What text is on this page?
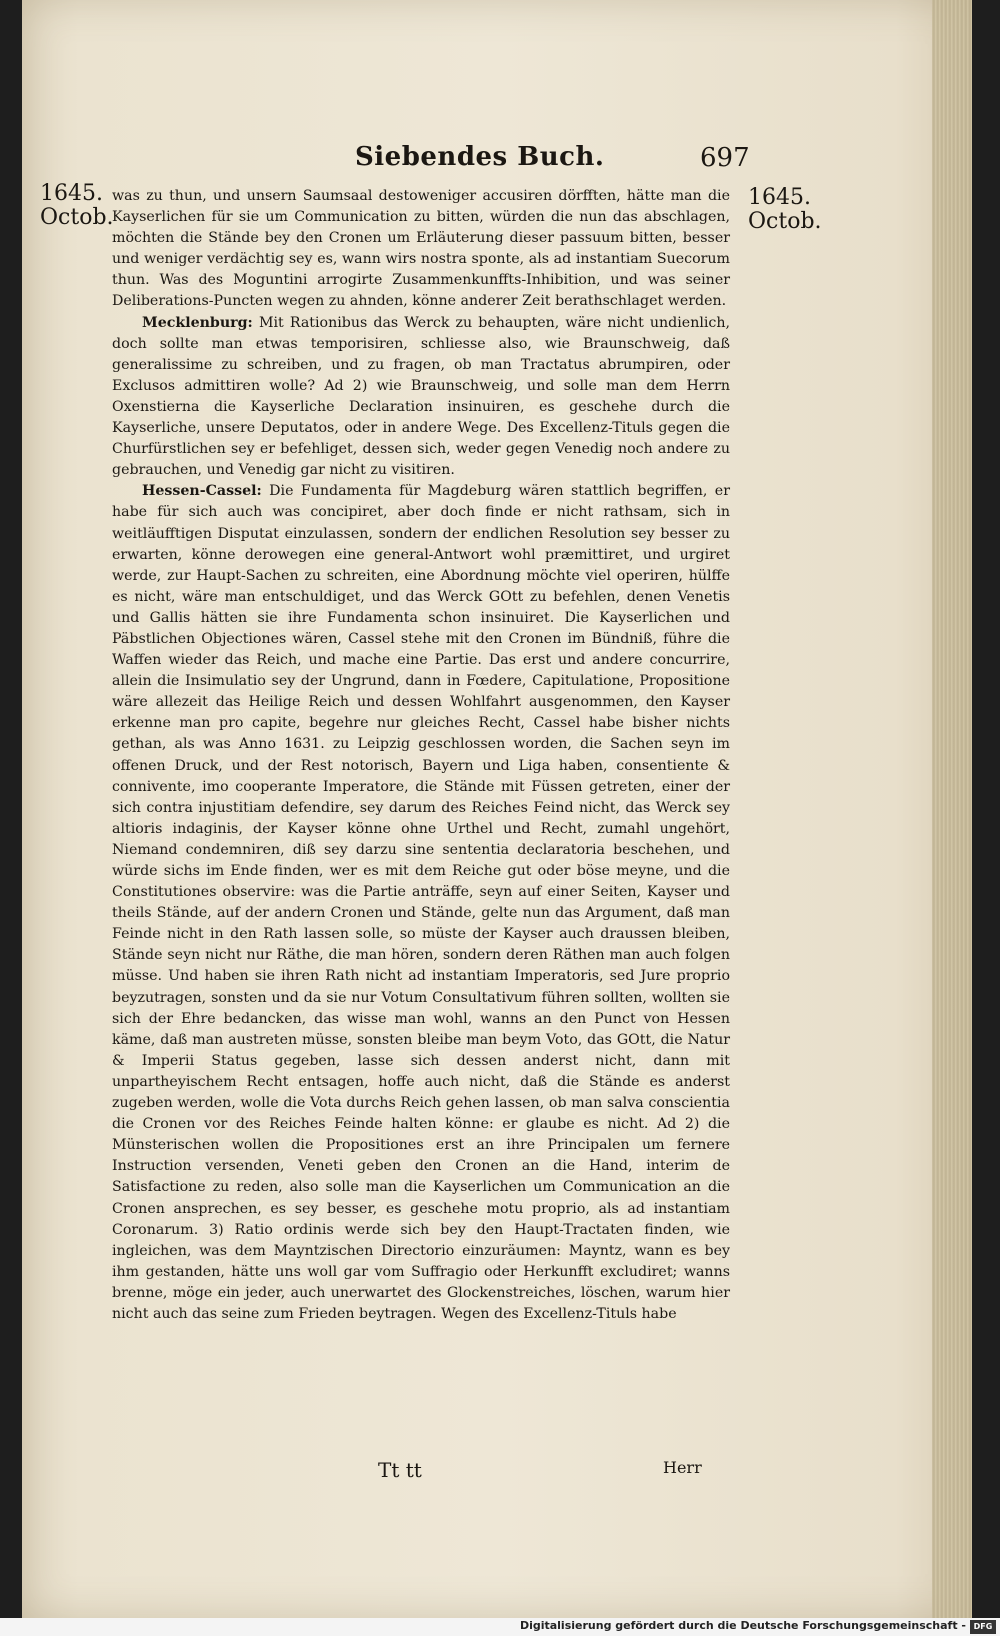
Siebendes Buch.	697
1645.
Octob.
1645.
Octob.

was zu thun, und unsern Saumsaal destoweniger accusiren dörfften, hätte man die Kayserlichen für sie um Communication zu bitten, würden die nun das abschlagen, möchten die Stände bey den Cronen um Erläuterung dieser passuum bitten, besser und weniger verdächtig sey es, wann wirs nostra sponte, als ad instantiam Suecorum thun. Was des Moguntini arrogirte Zusammenkunffts-Inhibition, und was seiner Deliberations-Puncten wegen zu ahnden, könne anderer Zeit berathschlaget werden.

Mecklenburg: Mit Rationibus das Werck zu behaupten, wäre nicht undienlich, doch sollte man etwas temporisiren, schliesse also, wie Braunschweig, daß generalissime zu schreiben, und zu fragen, ob man Tractatus abrumpiren, oder Exclusos admittiren wolle? Ad 2) wie Braunschweig, und solle man dem Herrn Oxenstierna die Kayserliche Declaration insinuiren, es geschehe durch die Kayserliche, unsere Deputatos, oder in andere Wege. Des Excellenz-Tituls gegen die Churfürstlichen sey er befehliget, dessen sich, weder gegen Venedig noch andere zu gebrauchen, und Venedig gar nicht zu visitiren.

Hessen-Cassel: Die Fundamenta für Magdeburg wären stattlich begriffen, er habe für sich auch was concipiret, aber doch finde er nicht rathsam, sich in weitläufftigen Disputat einzulassen, sondern der endlichen Resolution sey besser zu erwarten, könne derowegen eine general-Antwort wohl præmittiret, und urgiret werde, zur Haupt-Sachen zu schreiten, eine Abordnung möchte viel operiren, hülffe es nicht, wäre man entschuldiget, und das Werck GOtt zu befehlen, denen Venetis und Gallis hätten sie ihre Fundamenta schon insinuiret. Die Kayserlichen und Päbstlichen Objectiones wären, Cassel stehe mit den Cronen im Bündniß, führe die Waffen wieder das Reich, und mache eine Partie. Das erst und andere concurrire, allein die Insimulatio sey der Ungrund, dann in Fœdere, Capitulatione, Propositione wäre allezeit das Heilige Reich und dessen Wohlfahrt ausgenommen, den Kayser erkenne man pro capite, begehre nur gleiches Recht, Cassel habe bisher nichts gethan, als was Anno 1631. zu Leipzig geschlossen worden, die Sachen seyn im offenen Druck, und der Rest notorisch, Bayern und Liga haben, consentiente & connivente, imo cooperante Imperatore, die Stände mit Füssen getreten, einer der sich contra injustitiam defendire, sey darum des Reiches Feind nicht, das Werck sey altioris indaginis, der Kayser könne ohne Urthel und Recht, zumahl ungehört, Niemand condemniren, diß sey darzu sine sententia declaratoria beschehen, und würde sichs im Ende finden, wer es mit dem Reiche gut oder böse meyne, und die Constitutiones observire: was die Partie anträffe, seyn auf einer Seiten, Kayser und theils Stände, auf der andern Cronen und Stände, gelte nun das Argument, daß man Feinde nicht in den Rath lassen solle, so müste der Kayser auch draussen bleiben, Stände seyn nicht nur Räthe, die man hören, sondern deren Räthen man auch folgen müsse. Und haben sie ihren Rath nicht ad instantiam Imperatoris, sed Jure proprio beyzutragen, sonsten und da sie nur Votum Consultativum führen sollten, wollten sie sich der Ehre bedancken, das wisse man wohl, wanns an den Punct von Hessen käme, daß man austreten müsse, sonsten bleibe man beym Voto, das GOtt, die Natur & Imperii Status gegeben, lasse sich dessen anderst nicht, dann mit unpartheyischem Recht entsagen, hoffe auch nicht, daß die Stände es anderst zugeben werden, wolle die Vota durchs Reich gehen lassen, ob man salva conscientia die Cronen vor des Reiches Feinde halten könne: er glaube es nicht. Ad 2) die Münsterischen wollen die Propositiones erst an ihre Principalen um fernere Instruction versenden, Veneti geben den Cronen an die Hand, interim de Satisfactione zu reden, also solle man die Kayserlichen um Communication an die Cronen ansprechen, es sey besser, es geschehe motu proprio, als ad instantiam Coronarum. 3) Ratio ordinis werde sich bey den Haupt-Tractaten finden, wie ingleichen, was dem Mayntzischen Directorio einzuräumen: Mayntz, wann es bey ihm gestanden, hätte uns woll gar vom Suffragio oder Herkunfft excludiret; wanns brenne, möge ein jeder, auch unerwartet des Glockenstreiches, löschen, warum hier nicht auch das seine zum Frieden beytragen. Wegen des Excellenz-Tituls habe

Tt tt	Herr
Digitalisierung gefördert durch die Deutsche Forschungsgemeinschaft - DFG
